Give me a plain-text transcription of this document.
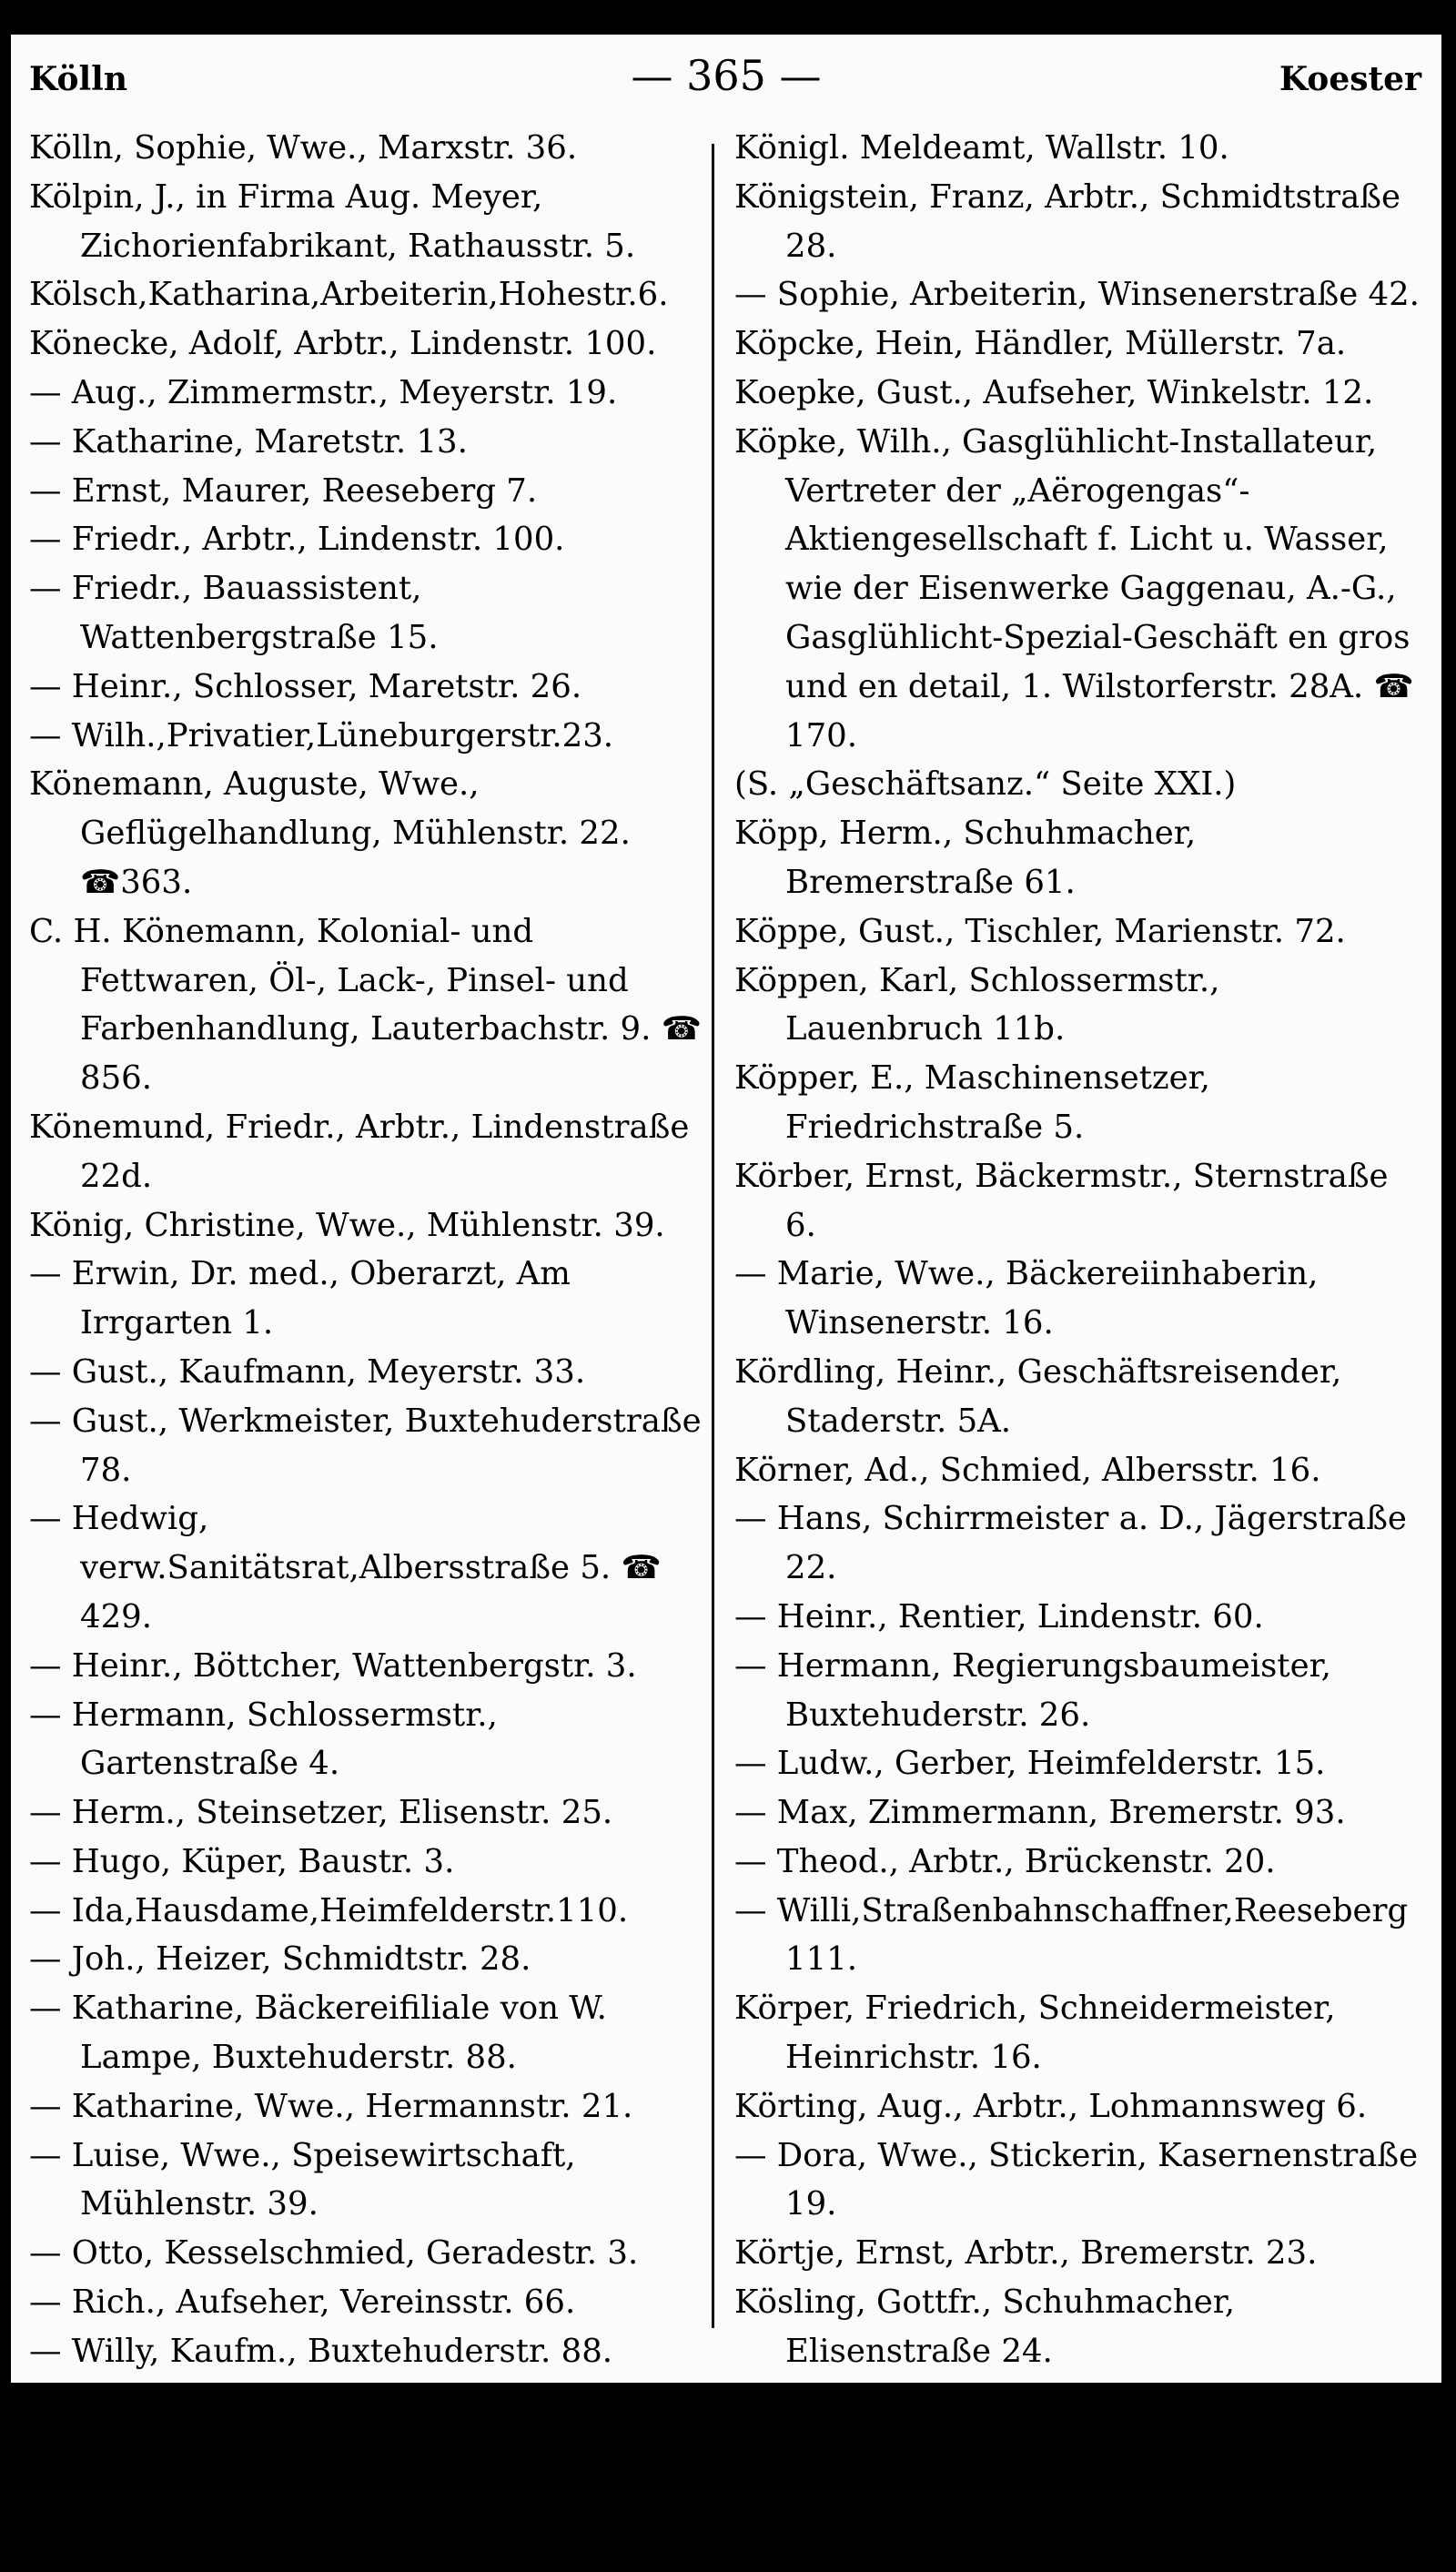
Kölln	— 365 —	Koester

Kölln, Sophie, Wwe., Marxstr. 36.

Kölpin, J., in Firma Aug. Meyer, Zichorienfabrikant, Rathausstr. 5.

Kölsch,Katharina,Arbeiterin,Hohestr.6.

Könecke, Adolf, Arbtr., Lindenstr. 100.

— Aug., Zimmermstr., Meyerstr. 19.

— Katharine, Maretstr. 13.

— Ernst, Maurer, Reeseberg 7.

— Friedr., Arbtr., Lindenstr. 100.

— Friedr., Bauassistent, Wattenbergstraße 15.

— Heinr., Schlosser, Maretstr. 26.

— Wilh.,Privatier,Lüneburgerstr.23.

Könemann, Auguste, Wwe., Geflügelhandlung, Mühlenstr. 22. ☎363.

C. H. Könemann, Kolonial- und Fettwaren, Öl-, Lack-, Pinsel- und Farbenhandlung, Lauterbachstr. 9. ☎ 856.

Könemund, Friedr., Arbtr., Lindenstraße 22d.

König, Christine, Wwe., Mühlenstr. 39.

— Erwin, Dr. med., Oberarzt, Am Irrgarten 1.

— Gust., Kaufmann, Meyerstr. 33.

— Gust., Werkmeister, Buxtehuderstraße 78.

— Hedwig, verw.Sanitätsrat,Albersstraße 5. ☎ 429.

— Heinr., Böttcher, Wattenbergstr. 3.

— Hermann, Schlossermstr., Gartenstraße 4.

— Herm., Steinsetzer, Elisenstr. 25.

— Hugo, Küper, Baustr. 3.

— Ida,Hausdame,Heimfelderstr.110.

— Joh., Heizer, Schmidtstr. 28.

— Katharine, Bäckereifiliale von W. Lampe, Buxtehuderstr. 88.

— Katharine, Wwe., Hermannstr. 21.

— Luise, Wwe., Speisewirtschaft, Mühlenstr. 39.

— Otto, Kesselschmied, Geradestr. 3.

— Rich., Aufseher, Vereinsstr. 66.

— Willy, Kaufm., Buxtehuderstr. 88.

Königliche Kreiskasse, Kanalplatz 3.

Königl. Kreisschulinspektion, Lindenstraße 52.

Königl. Katasteramt, Kanalplatz 3.

Königl. Meldeamt, Wallstr. 10.

Königstein, Franz, Arbtr., Schmidtstraße 28.

— Sophie, Arbeiterin, Winsenerstraße 42.

Köpcke, Hein, Händler, Müllerstr. 7a.

Koepke, Gust., Aufseher, Winkelstr. 12.

Köpke, Wilh., Gasglühlicht-Installateur, Vertreter der „Aërogengas“-Aktiengesellschaft f. Licht u. Wasser, wie der Eisenwerke Gaggenau, A.-G., Gasglühlicht-Spezial-Geschäft en gros und en detail, 1. Wilstorferstr. 28A. ☎ 170.

(S. „Geschäftsanz.“ Seite XXI.)

Köpp, Herm., Schuhmacher, Bremerstraße 61.

Köppe, Gust., Tischler, Marienstr. 72.

Köppen, Karl, Schlossermstr., Lauenbruch 11b.

Köpper, E., Maschinensetzer, Friedrichstraße 5.

Körber, Ernst, Bäckermstr., Sternstraße 6.

— Marie, Wwe., Bäckereiinhaberin, Winsenerstr. 16.

Kördling, Heinr., Geschäftsreisender, Staderstr. 5A.

Körner, Ad., Schmied, Albersstr. 16.

— Hans, Schirrmeister a. D., Jägerstraße 22.

— Heinr., Rentier, Lindenstr. 60.

— Hermann, Regierungsbaumeister, Buxtehuderstr. 26.

— Ludw., Gerber, Heimfelderstr. 15.

— Max, Zimmermann, Bremerstr. 93.

— Theod., Arbtr., Brückenstr. 20.

— Willi,Straßenbahnschaffner,Reeseberg 111.

Körper, Friedrich, Schneidermeister, Heinrichstr. 16.

Körting, Aug., Arbtr., Lohmannsweg 6.

— Dora, Wwe., Stickerin, Kasernenstraße 19.

Körtje, Ernst, Arbtr., Bremerstr. 23.

Kösling, Gottfr., Schuhmacher, Elisenstraße 24.

Koester, W., Wwe., Meyerstr. 12.
